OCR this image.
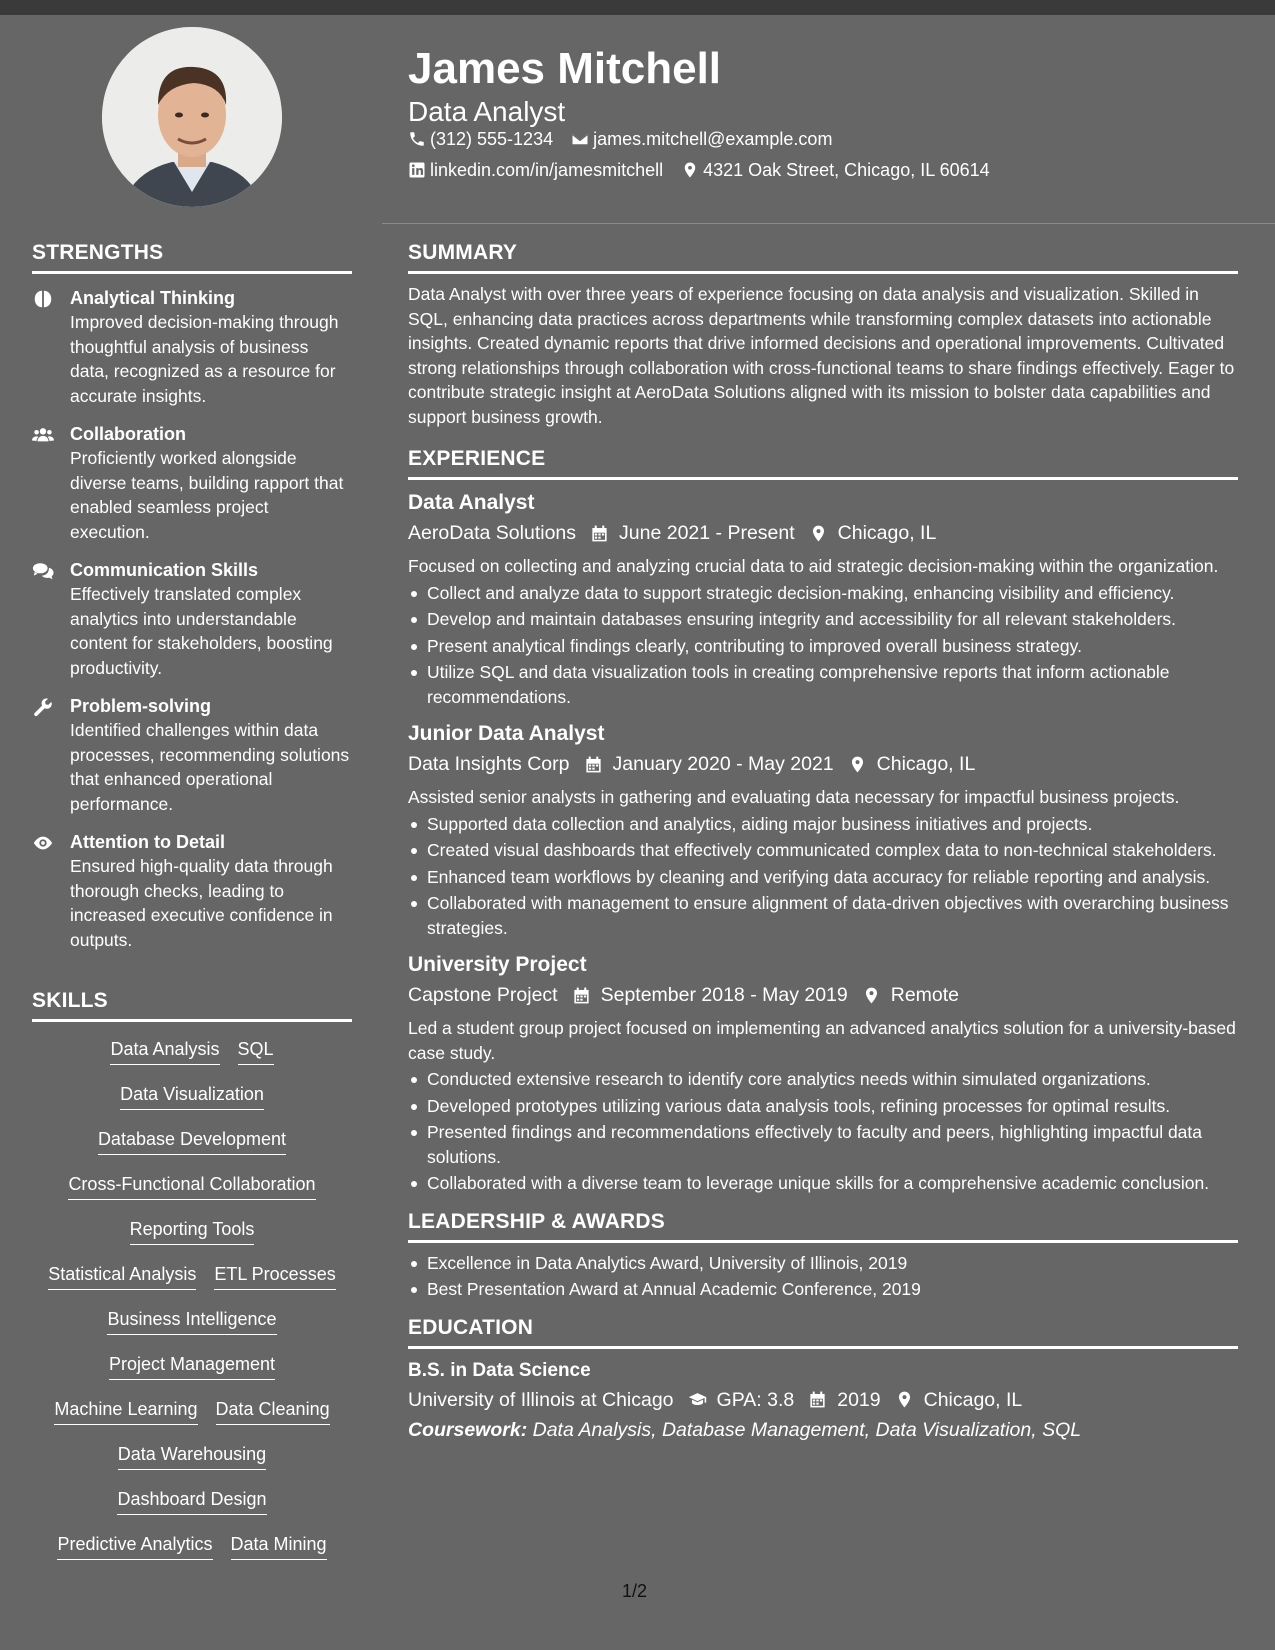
James Mitchell
Data Analyst
(312) 555-1234 james.mitchell@example.com
linkedin.com/in/jamesmitchell 4321 Oak Street, Chicago, IL 60614
STRENGTHS
Analytical Thinking
Improved decision-making through thoughtful analysis of business data, recognized as a resource for accurate insights.
Collaboration
Proficiently worked alongside diverse teams, building rapport that enabled seamless project execution.
Communication Skills
Effectively translated complex analytics into understandable content for stakeholders, boosting productivity.
Problem-solving
Identified challenges within data processes, recommending solutions that enhanced operational performance.
Attention to Detail
Ensured high-quality data through thorough checks, leading to increased executive confidence in outputs.
SKILLS
Data Analysis SQL
Data Visualization
Database Development
Cross-Functional Collaboration
Reporting Tools
Statistical Analysis ETL Processes
Business Intelligence
Project Management
Machine Learning Data Cleaning
Data Warehousing
Dashboard Design
Predictive Analytics Data Mining
SUMMARY
Data Analyst with over three years of experience focusing on data analysis and visualization. Skilled in SQL, enhancing data practices across departments while transforming complex datasets into actionable insights. Created dynamic reports that drive informed decisions and operational improvements. Cultivated strong relationships through collaboration with cross-functional teams to share findings effectively. Eager to contribute strategic insight at AeroData Solutions aligned with its mission to bolster data capabilities and support business growth.
EXPERIENCE
Data Analyst
AeroData Solutions June 2021 - Present Chicago, IL
Focused on collecting and analyzing crucial data to aid strategic decision-making within the organization.
Collect and analyze data to support strategic decision-making, enhancing visibility and efficiency.
Develop and maintain databases ensuring integrity and accessibility for all relevant stakeholders.
Present analytical findings clearly, contributing to improved overall business strategy.
Utilize SQL and data visualization tools in creating comprehensive reports that inform actionable recommendations.
Junior Data Analyst
Data Insights Corp January 2020 - May 2021 Chicago, IL
Assisted senior analysts in gathering and evaluating data necessary for impactful business projects.
Supported data collection and analytics, aiding major business initiatives and projects.
Created visual dashboards that effectively communicated complex data to non-technical stakeholders.
Enhanced team workflows by cleaning and verifying data accuracy for reliable reporting and analysis.
Collaborated with management to ensure alignment of data-driven objectives with overarching business strategies.
University Project
Capstone Project September 2018 - May 2019 Remote
Led a student group project focused on implementing an advanced analytics solution for a university-based case study.
Conducted extensive research to identify core analytics needs within simulated organizations.
Developed prototypes utilizing various data analysis tools, refining processes for optimal results.
Presented findings and recommendations effectively to faculty and peers, highlighting impactful data solutions.
Collaborated with a diverse team to leverage unique skills for a comprehensive academic conclusion.
LEADERSHIP & AWARDS
Excellence in Data Analytics Award, University of Illinois, 2019
Best Presentation Award at Annual Academic Conference, 2019
EDUCATION
B.S. in Data Science
University of Illinois at Chicago GPA: 3.8 2019 Chicago, IL
Coursework: Data Analysis, Database Management, Data Visualization, SQL
1/2
